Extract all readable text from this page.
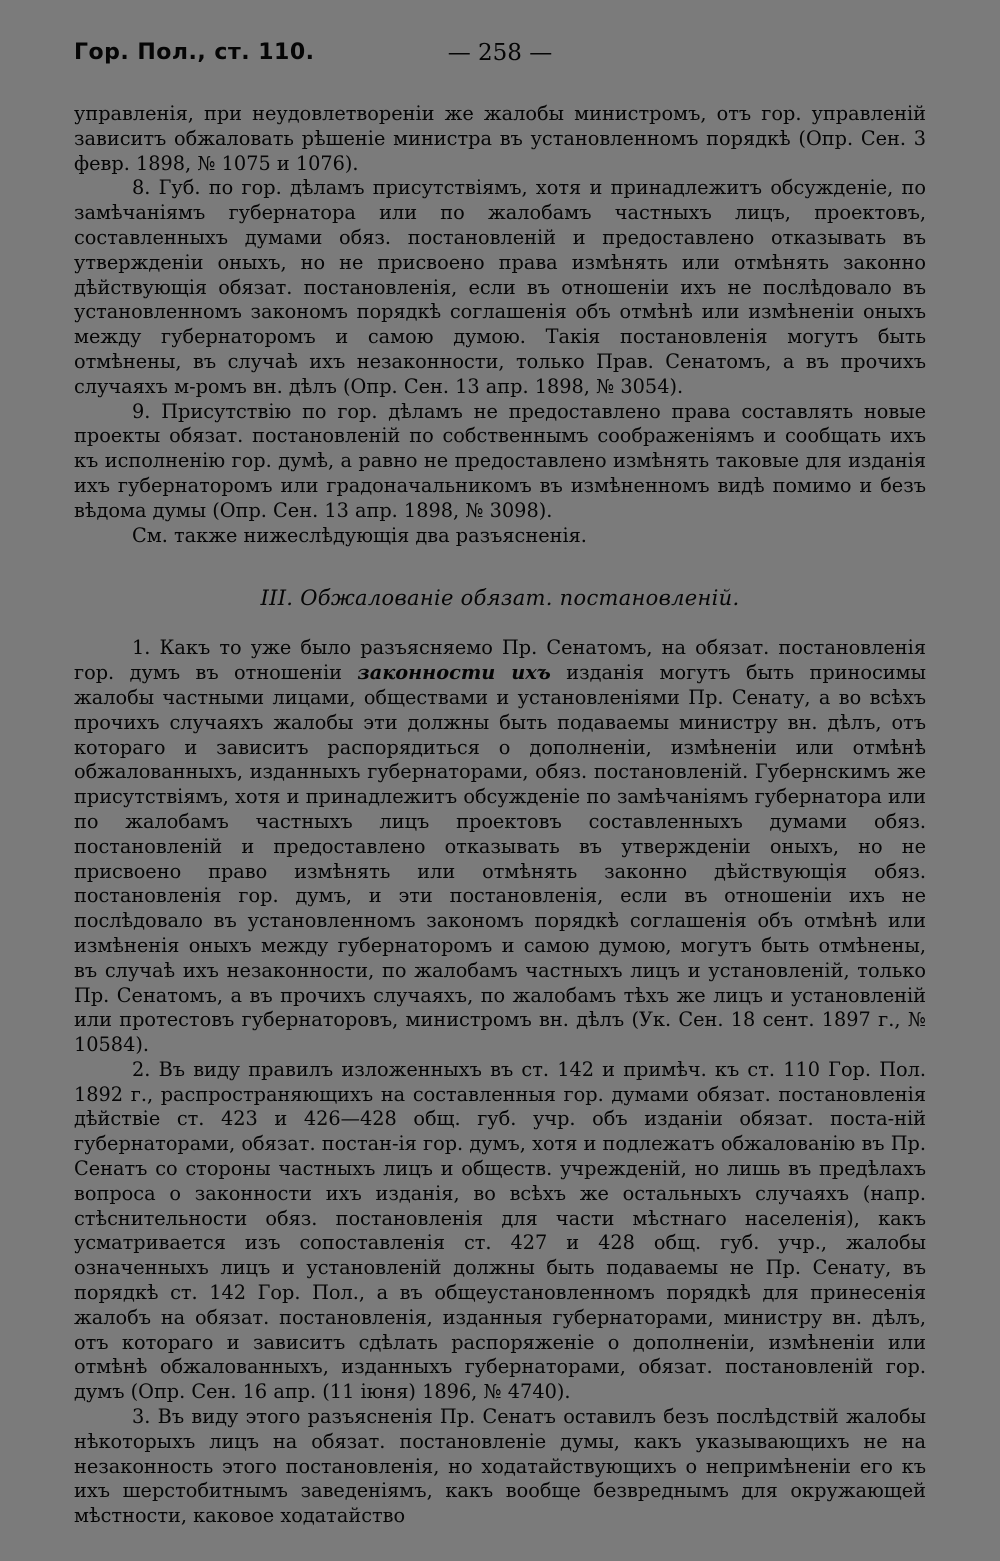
Гор. Пол., ст. 110.	— 258 —

управленія, при неудовлетвореніи же жалобы министромъ, отъ гор. управленій зависитъ обжаловать рѣшеніе министра въ установленномъ порядкѣ (Опр. Сен. 3 февр. 1898, № 1075 и 1076).

8. Губ. по гор. дѣламъ присутствіямъ, хотя и принадлежитъ обсужденіе, по замѣчаніямъ губернатора или по жалобамъ частныхъ лицъ, проектовъ, составленныхъ думами обяз. постановленій и предоставлено отказывать въ утвержденіи оныхъ, но не присвоено права измѣнять или отмѣнять законно дѣйствующія обязат. постановленія, если въ отношеніи ихъ не послѣдовало въ установленномъ закономъ порядкѣ соглашенія объ отмѣнѣ или измѣненіи оныхъ между губернаторомъ и самою думою. Такія постановленія могутъ быть отмѣнены, въ случаѣ ихъ незаконности, только Прав. Сенатомъ, а въ прочихъ случаяхъ м-ромъ вн. дѣлъ (Опр. Сен. 13 апр. 1898, № 3054).

9. Присутствію по гор. дѣламъ не предоставлено права составлять новые проекты обязат. постановленій по собственнымъ соображеніямъ и сообщать ихъ къ исполненію гор. думѣ, а равно не предоставлено измѣнять таковые для изданія ихъ губернаторомъ или градоначальникомъ въ измѣненномъ видѣ помимо и безъ вѣдома думы (Опр. Сен. 13 апр. 1898, № 3098).

См. также нижеслѣдующія два разъясненія.

III. Обжалованіе обязат. постановленій.

1. Какъ то уже было разъясняемо Пр. Сенатомъ, на обязат. постановленія гор. думъ въ отношеніи законности ихъ изданія могутъ быть приносимы жалобы частными лицами, обществами и установленіями Пр. Сенату, а во всѣхъ прочихъ случаяхъ жалобы эти должны быть подаваемы министру вн. дѣлъ, отъ котораго и зависитъ распорядиться о дополненіи, измѣненіи или отмѣнѣ обжалованныхъ, изданныхъ губернаторами, обяз. постановленій. Губернскимъ же присутствіямъ, хотя и принадлежитъ обсужденіе по замѣчаніямъ губернатора или по жалобамъ частныхъ лицъ проектовъ составленныхъ думами обяз. постановленій и предоставлено отказывать въ утвержденіи оныхъ, но не присвоено право измѣнять или отмѣнять законно дѣйствующія обяз. постановленія гор. думъ, и эти постановленія, если въ отношеніи ихъ не послѣдовало въ установленномъ закономъ порядкѣ соглашенія объ отмѣнѣ или измѣненія оныхъ между губернаторомъ и самою думою, могутъ быть отмѣнены, въ случаѣ ихъ незаконности, по жалобамъ частныхъ лицъ и установленій, только Пр. Сенатомъ, а въ прочихъ случаяхъ, по жалобамъ тѣхъ же лицъ и установленій или протестовъ губернаторовъ, министромъ вн. дѣлъ (Ук. Сен. 18 сент. 1897 г., № 10584).

2. Въ виду правилъ изложенныхъ въ ст. 142 и примѣч. къ ст. 110 Гор. Пол. 1892 г., распространяющихъ на составленныя гор. думами обязат. постановленія дѣйствіе ст. 423 и 426—428 общ. губ. учр. объ изданіи обязат. поста-ній губернаторами, обязат. постан-ія гор. думъ, хотя и подлежатъ обжалованію въ Пр. Сенатъ со стороны частныхъ лицъ и обществ. учрежденій, но лишь въ предѣлахъ вопроса о законности ихъ изданія, во всѣхъ же остальныхъ случаяхъ (напр. стѣснительности обяз. постановленія для части мѣстнаго населенія), какъ усматривается изъ сопоставленія ст. 427 и 428 общ. губ. учр., жалобы означенныхъ лицъ и установленій должны быть подаваемы не Пр. Сенату, въ порядкѣ ст. 142 Гор. Пол., а въ общеустановленномъ порядкѣ для принесенія жалобъ на обязат. постановленія, изданныя губернаторами, министру вн. дѣлъ, отъ котораго и зависитъ сдѣлать распоряженіе о дополненіи, измѣненіи или отмѣнѣ обжалованныхъ, изданныхъ губернаторами, обязат. постановленій гор. думъ (Опр. Сен. 16 апр. (11 іюня) 1896, № 4740).

3. Въ виду этого разъясненія Пр. Сенатъ оставилъ безъ послѣдствій жалобы нѣкоторыхъ лицъ на обязат. постановленіе думы, какъ указывающихъ не на незаконность этого постановленія, но ходатайствующихъ о непримѣненіи его къ ихъ шерстобитнымъ заведеніямъ, какъ вообще безвреднымъ для окружающей мѣстности, каковое ходатайство
